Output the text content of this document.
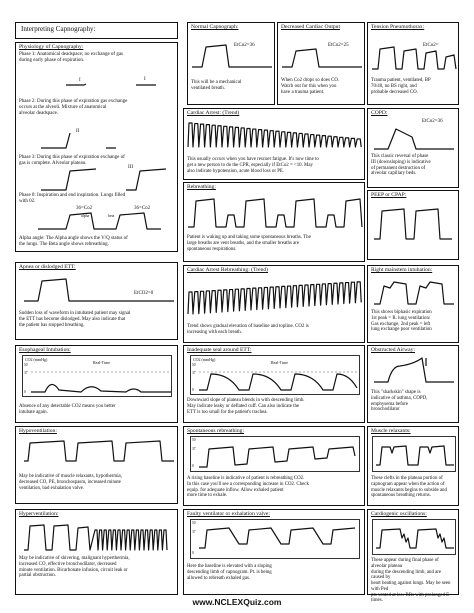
Interpreting Capnography:
Physiology of Capnography:
Phase 1: Anatomical deadspace; no exchange of gas
during early phase of expiration.
I	I
Phase 2: During this phase of expiration gas exchange
occurs at the alveoli. Mixture of anatomical
alveolar deadspace.
II
Phase 3: During this phase of expiration exchange of
gas is complete. Alveolar plateau.
III
Phase 0: Inspiration and end inspiration. Lungs filled
with 02.
36=Co2	36=Co2
alpha	beta
Alpha angle: The Alpha angle shows the V/Q status of
the lungs. The Beta angle shows rebreathing.
Normal Capnograph:
EtCo2=36
This will be a mechanical
ventilated breath.
Decreased Cardiac Output
EtCo2=25
When Co2 drops so does CO.
Watch out for this when you
have a trauma patient.
Tension Pneumothorax:
EtCo2=
Trauma patient, ventilated, BP
70/40, no BS right, and
probable decreased CO.
Cardiac Arrest: (Trend)
This usually occurs when you have rescuer fatigue. It's now time to
get a new person to do the CPR, especially if EtCo2 = <10. May
also indicate hypotension, acute blood loss or PE.
COPD:
EtCo2=36
This classic reversal of phase
III (downsloping) is indicative
of permanent destruction of
alveolar capillary beds.
Rebreathing:
Patient is waking up and taking some spontaneous breaths. The
large breaths are vent breaths, and the smaller breaths are
spontaneous respirations.
PEEP or CPAP:
Apnea or dislodged ETT:
EtCO2=0
Sudden loss of waveform in intubated patient may signal
the ETT has become dislodged. May also indicate that
the patient has stopped breathing.
Cardiac Arrest Rebreathing: (Trend)
Trend shows gradual elevation of baseline and topline. CO2 is
increasing with each breath.
Right mainstem intubation:
This shows biphasic expiration
1st peak = R. lung ventilation/
Gas exchange, 2nd peak = left
lung exchange poor ventilation
Esophageal Intubation:
CO2 (mmHg)
Real-Time
50
37
0
Absence of any detectable CO2 means you better
intubate again.
Inadequate seal around ETT:
CO2 (mmHg)
Real-Time
50
37
0
Downward slope of plateau blends in with descending limb.
May indicate leaky or deflated cuff. Can also indicate the
ETT is too small for the patient's trachea.
Obstructed Airway:
This "sharkskin" shape is
indicative of asthma, COPD,
emphysema before
bronchodilator
Hypoventilation:
May be indicative of muscle relaxants, hypothermia,
decreased CO, PE, bronchospasm, increased minute
ventilation, bad exhalation valve.
Spontaneous rebreathing:
50
37
0
A rising baseline is indicative of patient is rebreathing CO2.
In this case you'll see a corresponding increase in CO2. Check
equip. for adequate inflow. Allow exhaled patient
more time to exhale.
Muscle relaxants:
These clefts in the plateau portion of
capnogram appear when the action of
muscle relaxants begins to subside and
spontaneous breathing returns.
Hyperventilation:
May be indicative of shivering, malignant hyperthermia,
increased CO, effective bronchodilator, decreased
minute ventilation. Bicarbonate infusion, circuit leak or
partial obstruction.
Faulty ventilator or exhalation valve:
50
37
0
Here the baseline is elevated with a sloping
descending limb of capnogram. Pt. is being
allowed to rebreath exhaled gas.
Cardiogenic oscillations:
These appear during final phase of alveolar plateau
during the descending limb, and are caused by
heart beating against lungs. May be seen with Ped
pts vented at low RRs with prolonged E-times.
www.NCLEXQuiz.com
